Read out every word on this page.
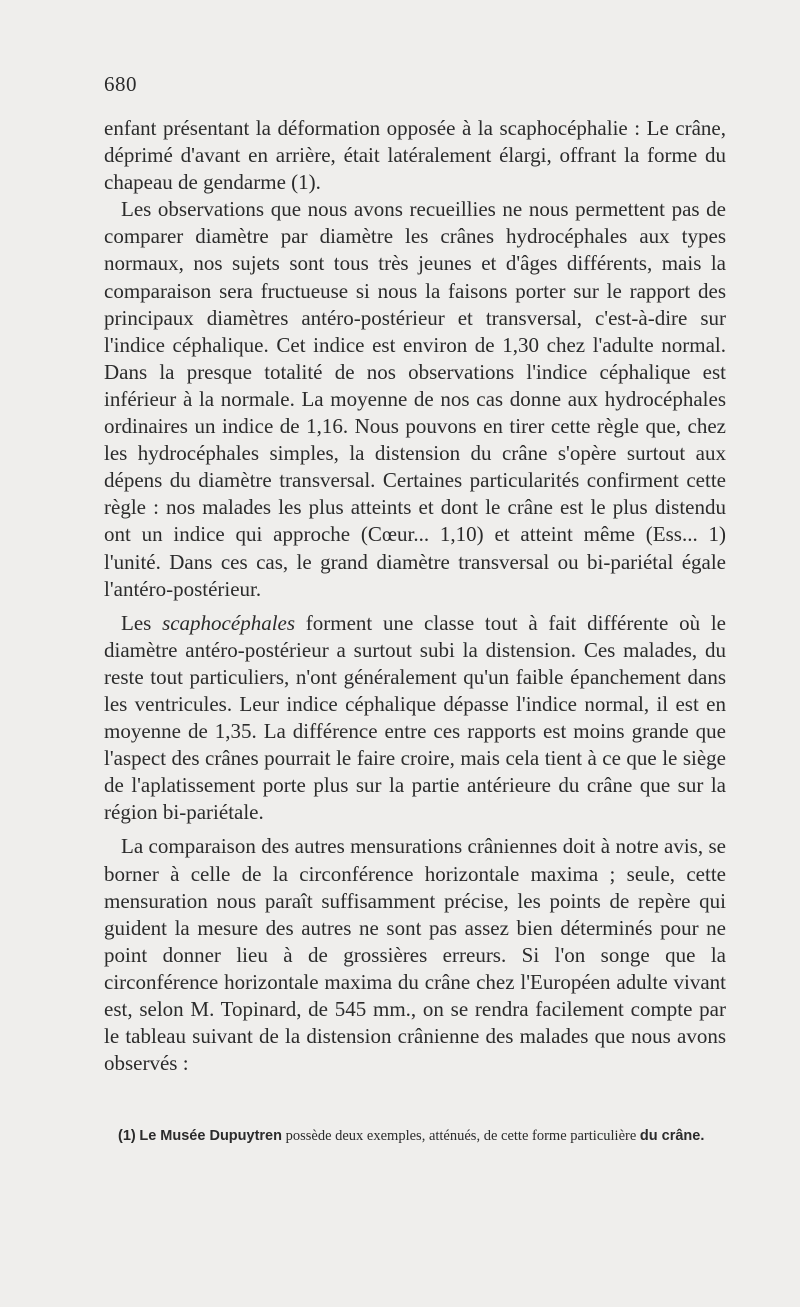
680

enfant présentant la déformation opposée à la scaphocéphalie : Le crâne, déprimé d'avant en arrière, était latéralement élargi, offrant la forme du chapeau de gendarme (1).

Les observations que nous avons recueillies ne nous permettent pas de comparer diamètre par diamètre les crânes hydrocéphales aux types normaux, nos sujets sont tous très jeunes et d'âges différents, mais la comparaison sera fructueuse si nous la faisons porter sur le rapport des principaux diamètres antéro-postérieur et transversal, c'est-à-dire sur l'indice céphalique. Cet indice est environ de 1,30 chez l'adulte normal. Dans la presque totalité de nos observations l'indice céphalique est inférieur à la normale. La moyenne de nos cas donne aux hydrocéphales ordinaires un indice de 1,16. Nous pouvons en tirer cette règle que, chez les hydrocéphales simples, la distension du crâne s'opère surtout aux dépens du diamètre transversal. Certaines particularités confirment cette règle : nos malades les plus atteints et dont le crâne est le plus distendu ont un indice qui approche (Cœur... 1,10) et atteint même (Ess... 1) l'unité. Dans ces cas, le grand diamètre transversal ou bi-pariétal égale l'antéro-postérieur.

Les scaphocéphales forment une classe tout à fait différente où le diamètre antéro-postérieur a surtout subi la distension. Ces malades, du reste tout particuliers, n'ont généralement qu'un faible épanchement dans les ventricules. Leur indice céphalique dépasse l'indice normal, il est en moyenne de 1,35. La différence entre ces rapports est moins grande que l'aspect des crânes pourrait le faire croire, mais cela tient à ce que le siège de l'aplatissement porte plus sur la partie antérieure du crâne que sur la région bi-pariétale.

La comparaison des autres mensurations crâniennes doit à notre avis, se borner à celle de la circonférence horizontale maxima ; seule, cette mensuration nous paraît suffisamment précise, les points de repère qui guident la mesure des autres ne sont pas assez bien déterminés pour ne point donner lieu à de grossières erreurs. Si l'on songe que la circonférence horizontale maxima du crâne chez l'Européen adulte vivant est, selon M. Topinard, de 545 mm., on se rendra facilement compte par le tableau suivant de la distension crânienne des malades que nous avons observés :

(1) Le Musée Dupuytren possède deux exemples, atténués, de cette forme particulière du crâne.
